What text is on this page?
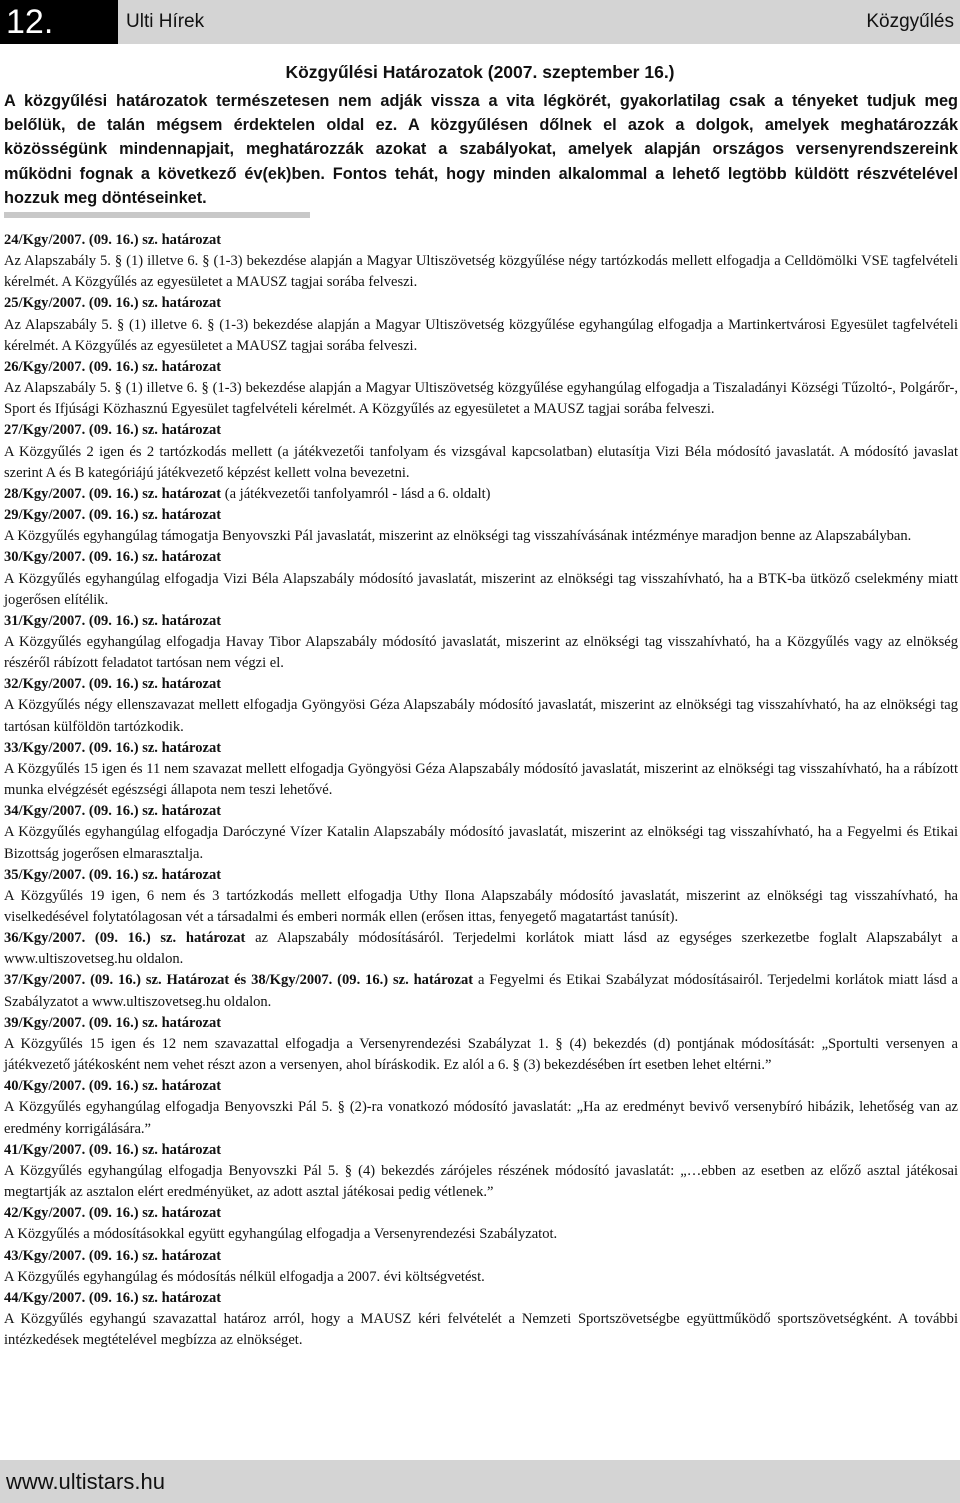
12.	Ulti Hírek	Közgyűlés
Közgyűlési Határozatok (2007. szeptember 16.)
A közgyűlési határozatok természetesen nem adják vissza a vita légkörét, gyakorlatilag csak a tényeket tudjuk meg belőlük, de talán mégsem érdektelen oldal ez. A közgyűlésen dőlnek el azok a dolgok, amelyek meghatározzák közösségünk mindennapjait, meghatározzák azokat a szabályokat, amelyek alapján országos versenyrendszereink működni fognak a következő év(ek)ben. Fontos tehát, hogy minden alkalommal a lehető legtöbb küldött részvételével hozzuk meg döntéseinket.

24/Kgy/2007. (09. 16.) sz. határozat

Az Alapszabály 5. § (1) illetve 6. § (1-3) bekezdése alapján a Magyar Ultiszövetség közgyűlése négy tartózkodás mellett elfogadja a Celldömölki VSE tagfelvételi kérelmét. A Közgyűlés az egyesületet a MAUSZ tagjai sorába felveszi.

25/Kgy/2007. (09. 16.) sz. határozat

Az Alapszabály 5. § (1) illetve 6. § (1-3) bekezdése alapján a Magyar Ultiszövetség közgyűlése egyhangúlag elfogadja a Martinkertvárosi Egyesület tagfelvételi kérelmét. A Közgyűlés az egyesületet a MAUSZ tagjai sorába felveszi.

26/Kgy/2007. (09. 16.) sz. határozat

Az Alapszabály 5. § (1) illetve 6. § (1-3) bekezdése alapján a Magyar Ultiszövetség közgyűlése egyhangúlag elfogadja a Tiszaladányi Községi Tűzoltó-, Polgárőr-, Sport és Ifjúsági Közhasznú Egyesület tagfelvételi kérelmét. A Közgyűlés az egyesületet a MAUSZ tagjai sorába felveszi.

27/Kgy/2007. (09. 16.) sz. határozat

A Közgyűlés 2 igen és 2 tartózkodás mellett (a játékvezetői tanfolyam és vizsgával kapcsolatban) elutasítja Vizi Béla módosító javaslatát. A módosító javaslat szerint A és B kategóriájú játékvezető képzést kellett volna bevezetni.

28/Kgy/2007. (09. 16.) sz. határozat (a játékvezetői tanfolyamról - lásd a 6. oldalt)

29/Kgy/2007. (09. 16.) sz. határozat

A Közgyűlés egyhangúlag támogatja Benyovszki Pál javaslatát, miszerint az elnökségi tag visszahívásának intézménye maradjon benne az Alapszabályban.

30/Kgy/2007. (09. 16.) sz. határozat

A Közgyűlés egyhangúlag elfogadja Vizi Béla Alapszabály módosító javaslatát, miszerint az elnökségi tag visszahívható, ha a BTK-ba ütköző cselekmény miatt jogerősen elítélik.

31/Kgy/2007. (09. 16.) sz. határozat

A Közgyűlés egyhangúlag elfogadja Havay Tibor Alapszabály módosító javaslatát, miszerint az elnökségi tag visszahívható, ha a Közgyűlés vagy az elnökség részéről rábízott feladatot tartósan nem végzi el.

32/Kgy/2007. (09. 16.) sz. határozat

A Közgyűlés négy ellenszavazat mellett elfogadja Gyöngyösi Géza Alapszabály módosító javaslatát, miszerint az elnökségi tag visszahívható, ha az elnökségi tag tartósan külföldön tartózkodik.

33/Kgy/2007. (09. 16.) sz. határozat

A Közgyűlés 15 igen és 11 nem szavazat mellett elfogadja Gyöngyösi Géza Alapszabály módosító javaslatát, miszerint az elnökségi tag visszahívható, ha a rábízott munka elvégzését egészségi állapota nem teszi lehetővé.

34/Kgy/2007. (09. 16.) sz. határozat

A Közgyűlés egyhangúlag elfogadja Daróczyné Vízer Katalin Alapszabály módosító javaslatát, miszerint az elnökségi tag visszahívható, ha a Fegyelmi és Etikai Bizottság jogerősen elmarasztalja.

35/Kgy/2007. (09. 16.) sz. határozat

A Közgyűlés 19 igen, 6 nem és 3 tartózkodás mellett elfogadja Uthy Ilona Alapszabály módosító javaslatát, miszerint az elnökségi tag visszahívható, ha viselkedésével folytatólagosan vét a társadalmi és emberi normák ellen (erősen ittas, fenyegető magatartást tanúsít).

36/Kgy/2007. (09. 16.) sz. határozat az Alapszabály módosításáról. Terjedelmi korlátok miatt lásd az egységes szerkezetbe foglalt Alapszabályt a www.ultiszovetseg.hu oldalon.

37/Kgy/2007. (09. 16.) sz. Határozat és 38/Kgy/2007. (09. 16.) sz. határozat a Fegyelmi és Etikai Szabályzat módosításairól. Terjedelmi korlátok miatt lásd a Szabályzatot a www.ultiszovetseg.hu oldalon.

39/Kgy/2007. (09. 16.) sz. határozat

A Közgyűlés 15 igen és 12 nem szavazattal elfogadja a Versenyrendezési Szabályzat 1. § (4) bekezdés (d) pontjának módosítását: „Sportulti versenyen a játékvezető játékosként nem vehet részt azon a versenyen, ahol bíráskodik. Ez alól a 6. § (3) bekezdésében írt esetben lehet eltérni.”

40/Kgy/2007. (09. 16.) sz. határozat

A Közgyűlés egyhangúlag elfogadja Benyovszki Pál 5. § (2)-ra vonatkozó módosító javaslatát: „Ha az eredményt bevivő versenybíró hibázik, lehetőség van az eredmény korrigálására.”

41/Kgy/2007. (09. 16.) sz. határozat

A Közgyűlés egyhangúlag elfogadja Benyovszki Pál 5. § (4) bekezdés zárójeles részének módosító javaslatát: „…ebben az esetben az előző asztal játékosai megtartják az asztalon elért eredményüket, az adott asztal játékosai pedig vétlenek.”

42/Kgy/2007. (09. 16.) sz. határozat

A Közgyűlés a módosításokkal együtt egyhangúlag elfogadja a Versenyrendezési Szabályzatot.

43/Kgy/2007. (09. 16.) sz. határozat

A Közgyűlés egyhangúlag és módosítás nélkül elfogadja a 2007. évi költségvetést.

44/Kgy/2007. (09. 16.) sz. határozat

A Közgyűlés egyhangú szavazattal határoz arról, hogy a MAUSZ kéri felvételét a Nemzeti Sportszövetségbe együttműködő sportszövetségként. A további intézkedések megtételével megbízza az elnökséget.

www.ultistars.hu
